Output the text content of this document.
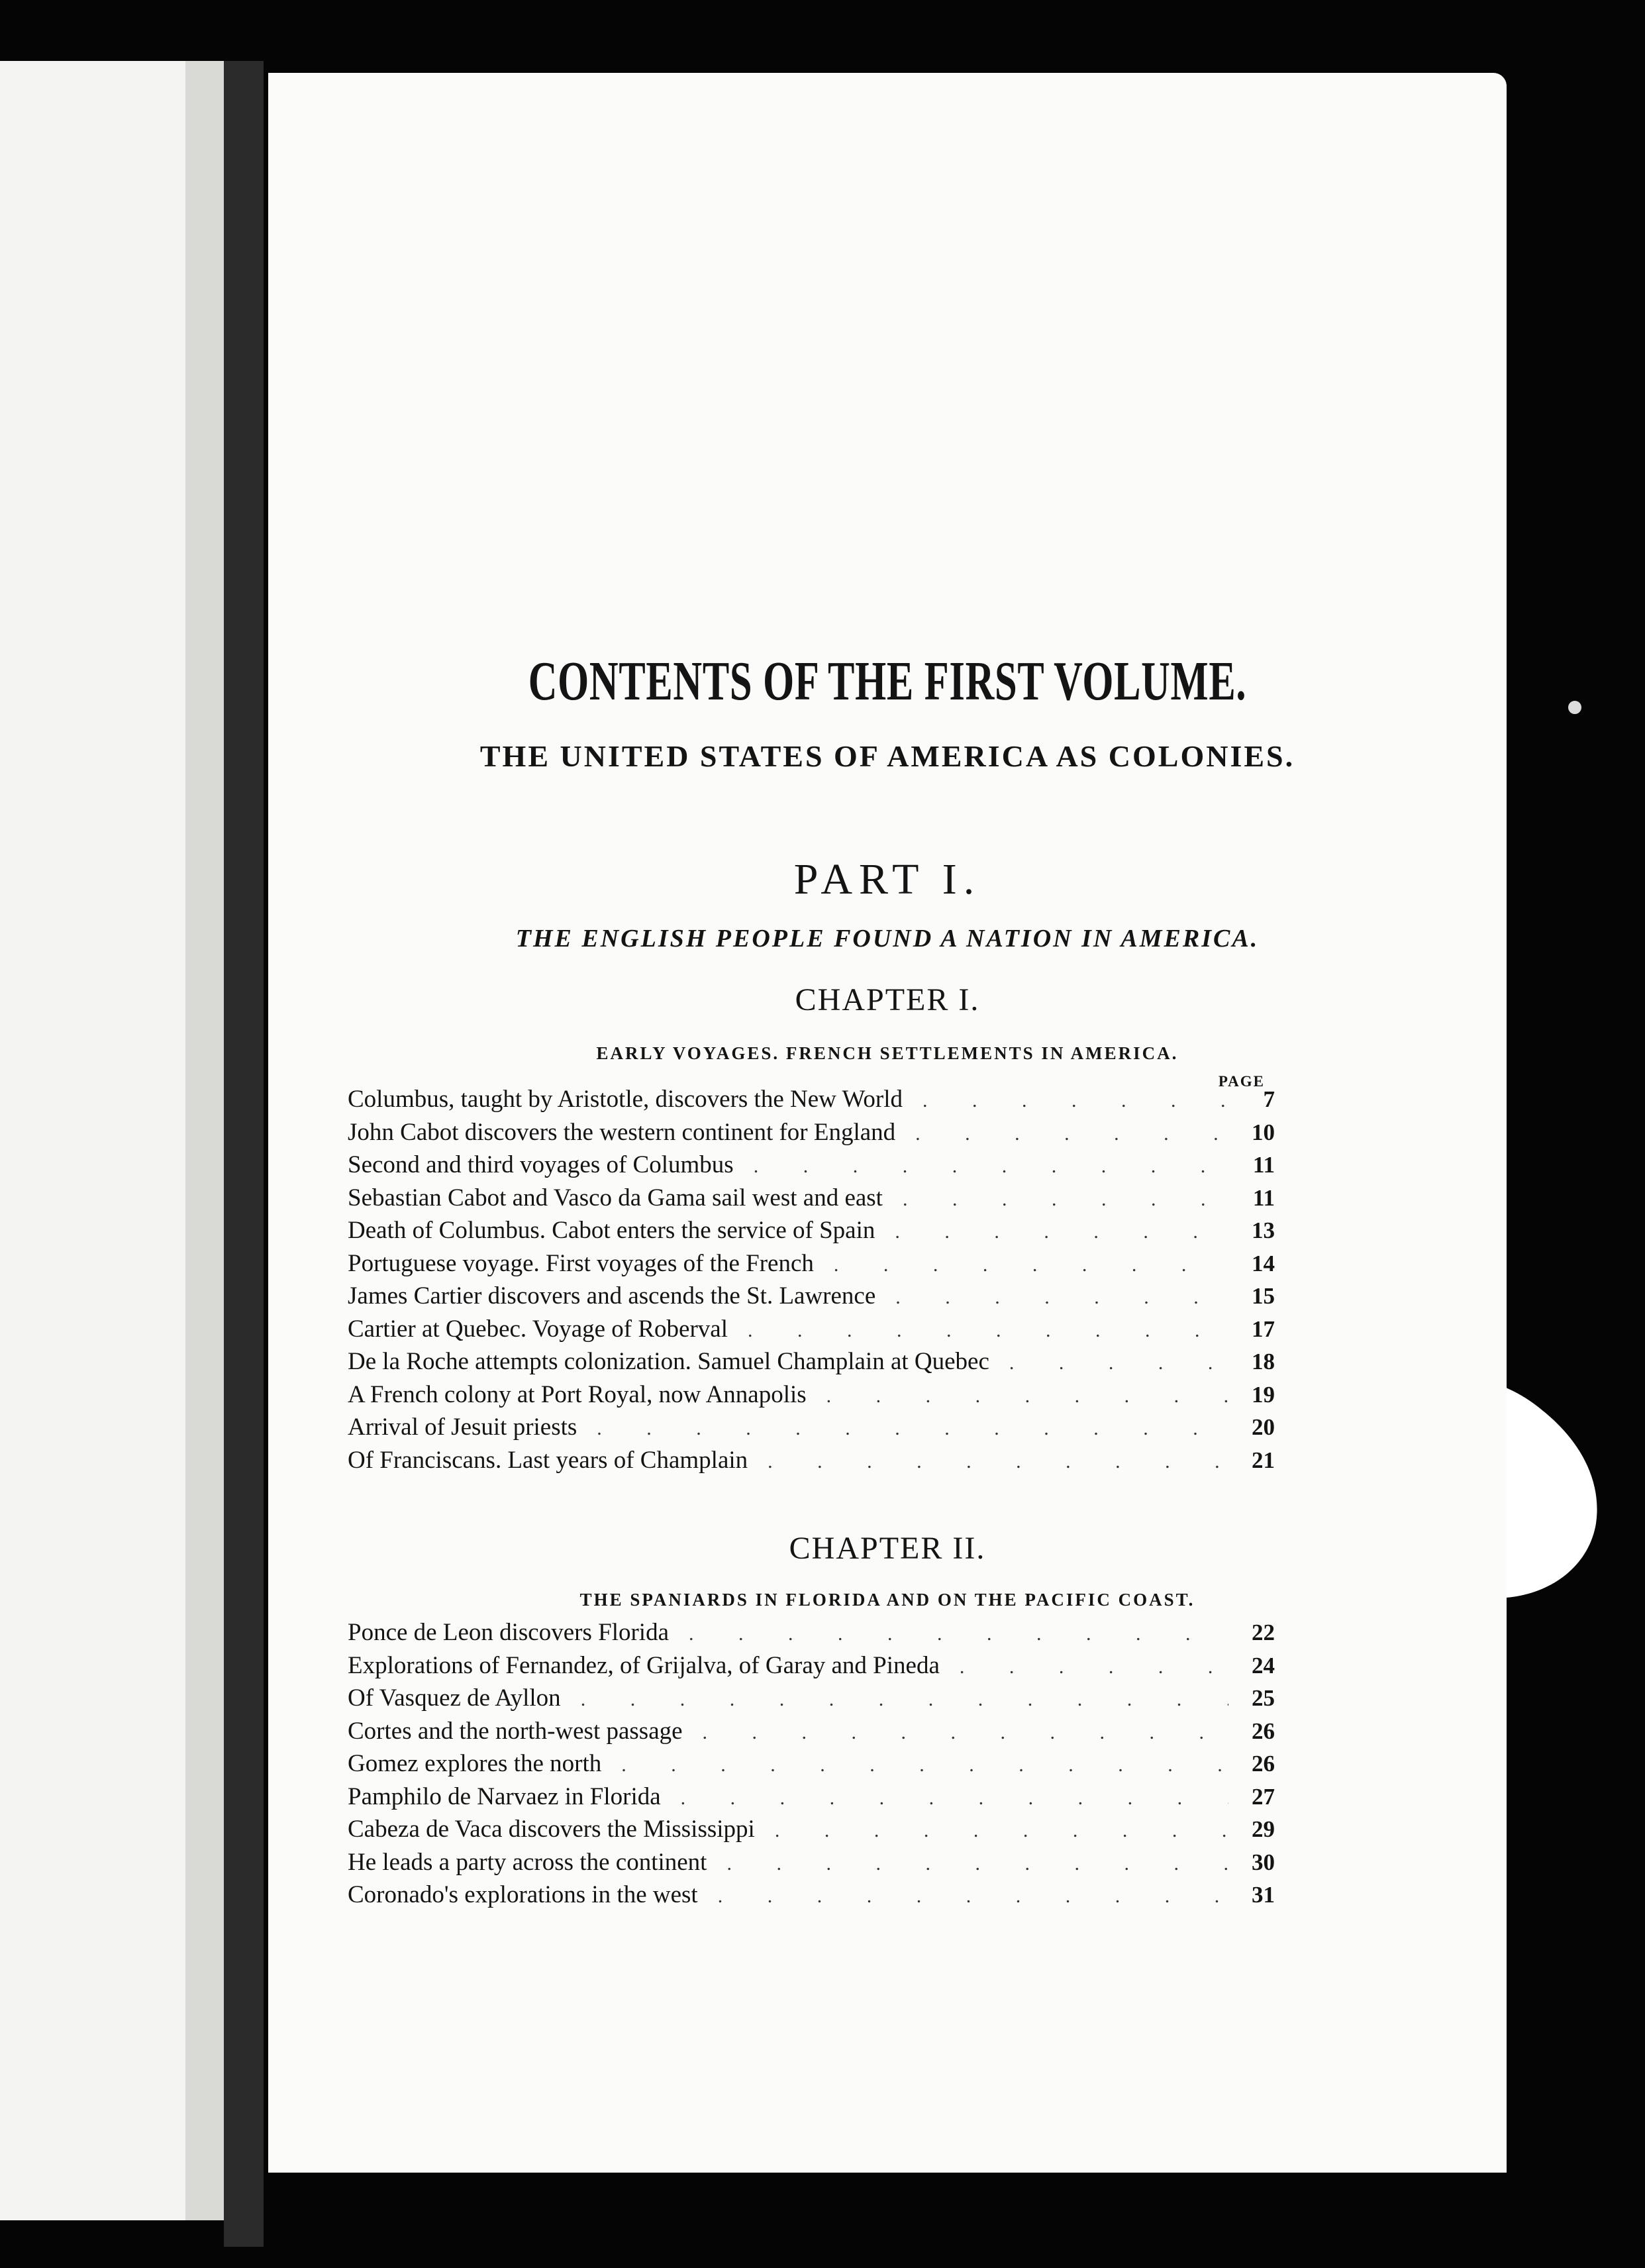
CONTENTS OF THE FIRST VOLUME.
THE UNITED STATES OF AMERICA AS COLONIES.
PART I.
THE ENGLISH PEOPLE FOUND A NATION IN AMERICA.
CHAPTER I.
EARLY VOYAGES. FRENCH SETTLEMENTS IN AMERICA.
PAGE
Columbus, taught by Aristotle, discovers the New World . . .	7
John Cabot discovers the western continent for England . . .	10
Second and third voyages of Columbus . . .	11
Sebastian Cabot and Vasco da Gama sail west and east . . .	11
Death of Columbus. Cabot enters the service of Spain . . .	13
Portuguese voyage. First voyages of the French . . .	14
James Cartier discovers and ascends the St. Lawrence . . .	15
Cartier at Quebec. Voyage of Roberval . . .	17
De la Roche attempts colonization. Samuel Champlain at Quebec . . .	18
A French colony at Port Royal, now Annapolis . . .	19
Arrival of Jesuit priests . . .	20
Of Franciscans. Last years of Champlain . . .	21
CHAPTER II.
THE SPANIARDS IN FLORIDA AND ON THE PACIFIC COAST.
Ponce de Leon discovers Florida . . .	22
Explorations of Fernandez, of Grijalva, of Garay and Pineda . . .	24
Of Vasquez de Ayllon . . .	25
Cortes and the north-west passage . . .	26
Gomez explores the north . . .	26
Pamphilo de Narvaez in Florida . . .	27
Cabeza de Vaca discovers the Mississippi . . .	29
He leads a party across the continent . . .	30
Coronado's explorations in the west . . .	31
